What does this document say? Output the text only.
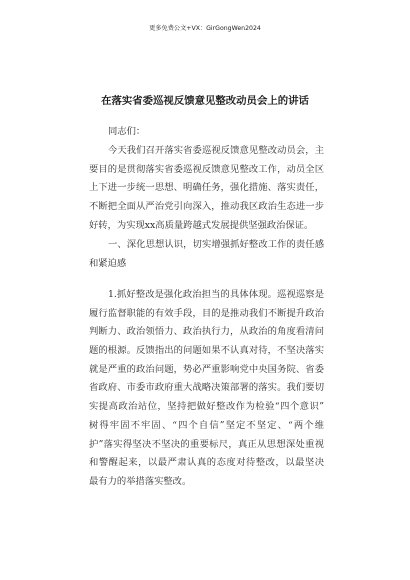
更多免费公文+VX：GirGongWen2024
在落实省委巡视反馈意见整改动员会上的讲话
同志们：
今天我们召开落实省委巡视反馈意见整改动员会，主
要目的是贯彻落实省委巡视反馈意见整改工作，动员全区
上下进一步统一思想、明确任务，强化措施、落实责任，
不断把全面从严治党引向深入，推动我区政治生态进一步
好转，为实现xx高质量跨越式发展提供坚强政治保证。
一、深化思想认识，切实增强抓好整改工作的责任感
和紧迫感
1.抓好整改是强化政治担当的具体体现。巡视巡察是
履行监督职能的有效手段，目的是推动我们不断提升政治
判断力、政治领悟力、政治执行力，从政治的角度看清问
题的根源。反馈指出的问题如果不认真对待，不坚决落实
就是严重的政治问题，势必严重影响党中央国务院、省委
省政府、市委市政府重大战略决策部署的落实。我们要切
实提高政治站位，坚持把做好整改作为检验“四个意识”
树得牢固不牢固、“四个自信”坚定不坚定、“两个维
护”落实得坚决不坚决的重要标尺，真正从思想深处重视
和警醒起来，以最严肃认真的态度对待整改，以最坚决
最有力的举措落实整改。
